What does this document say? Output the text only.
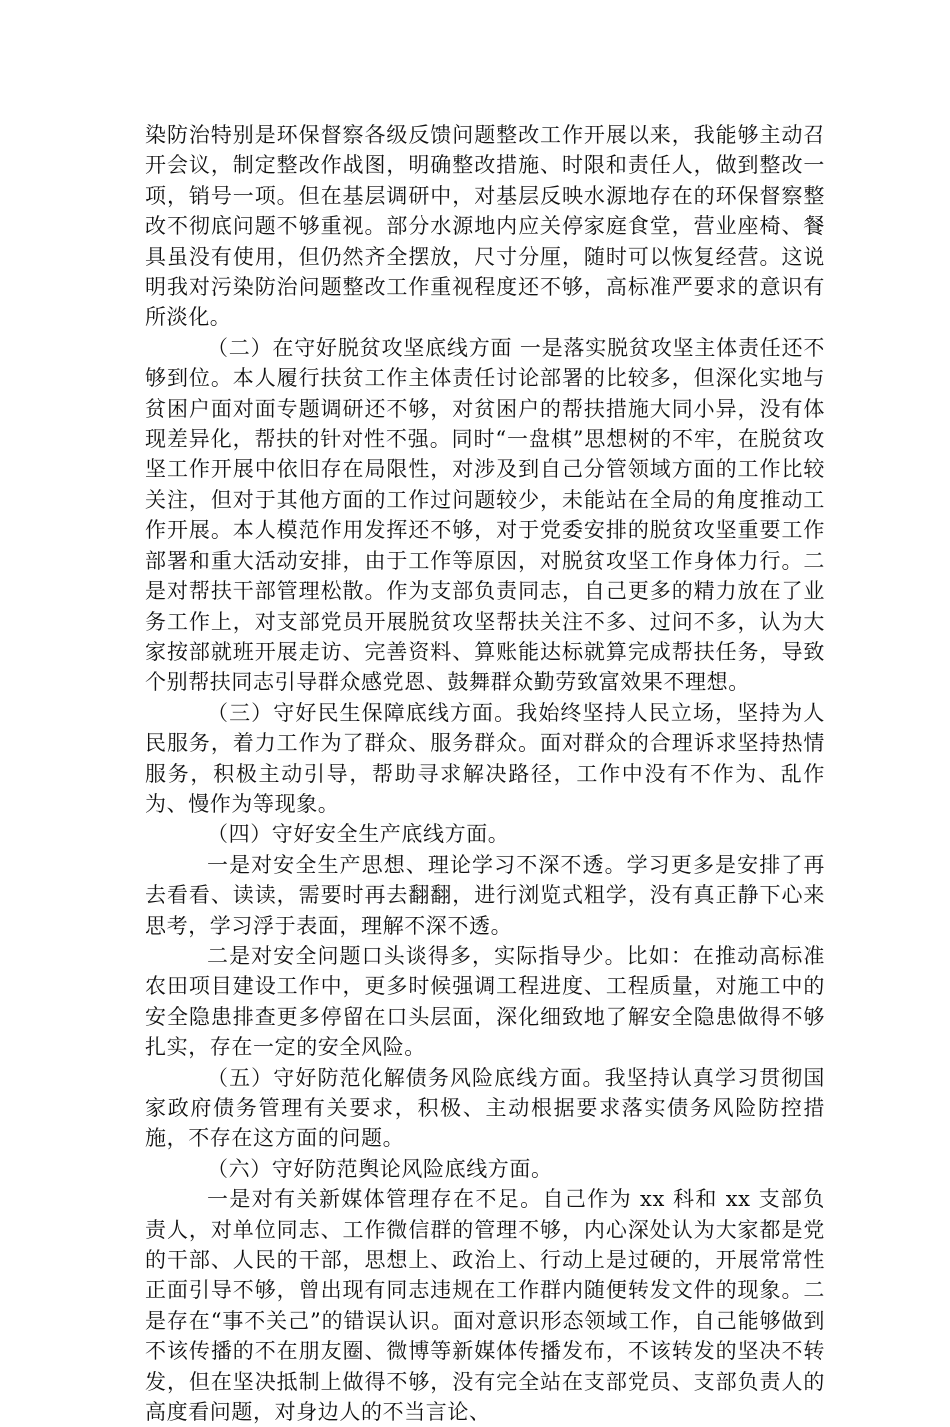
染防治特别是环保督察各级反馈问题整改工作开展以来，我能够主动召开会议，制定整改作战图，明确整改措施、时限和责任人，做到整改一项，销号一项。但在基层调研中，对基层反映水源地存在的环保督察整改不彻底问题不够重视。部分水源地内应关停家庭食堂，营业座椅、餐具虽没有使用，但仍然齐全摆放，尺寸分厘，随时可以恢复经营。这说明我对污染防治问题整改工作重视程度还不够，高标准严要求的意识有所淡化。

（二）在守好脱贫攻坚底线方面 一是落实脱贫攻坚主体责任还不够到位。本人履行扶贫工作主体责任讨论部署的比较多，但深化实地与贫困户面对面专题调研还不够，对贫困户的帮扶措施大同小异，没有体现差异化，帮扶的针对性不强。同时“一盘棋”思想树的不牢，在脱贫攻坚工作开展中依旧存在局限性，对涉及到自己分管领域方面的工作比较关注，但对于其他方面的工作过问题较少，未能站在全局的角度推动工作开展。本人模范作用发挥还不够，对于党委安排的脱贫攻坚重要工作部署和重大活动安排，由于工作等原因，对脱贫攻坚工作身体力行。二是对帮扶干部管理松散。作为支部负责同志，自己更多的精力放在了业务工作上，对支部党员开展脱贫攻坚帮扶关注不多、过问不多，认为大家按部就班开展走访、完善资料、算账能达标就算完成帮扶任务，导致个别帮扶同志引导群众感党恩、鼓舞群众勤劳致富效果不理想。

（三）守好民生保障底线方面。我始终坚持人民立场，坚持为人民服务，着力工作为了群众、服务群众。面对群众的合理诉求坚持热情服务，积极主动引导，帮助寻求解决路径，工作中没有不作为、乱作为、慢作为等现象。

（四）守好安全生产底线方面。

一是对安全生产思想、理论学习不深不透。学习更多是安排了再去看看、读读，需要时再去翻翻，进行浏览式粗学，没有真正静下心来思考，学习浮于表面，理解不深不透。

二是对安全问题口头谈得多，实际指导少。比如：在推动高标准农田项目建设工作中，更多时候强调工程进度、工程质量，对施工中的安全隐患排查更多停留在口头层面，深化细致地了解安全隐患做得不够扎实，存在一定的安全风险。

（五）守好防范化解债务风险底线方面。我坚持认真学习贯彻国家政府债务管理有关要求，积极、主动根据要求落实债务风险防控措施，不存在这方面的问题。

（六）守好防范舆论风险底线方面。

一是对有关新媒体管理存在不足。自己作为 xx 科和 xx 支部负责人，对单位同志、工作微信群的管理不够，内心深处认为大家都是党的干部、人民的干部，思想上、政治上、行动上是过硬的，开展常常性正面引导不够，曾出现有同志违规在工作群内随便转发文件的现象。二是存在“事不关己”的错误认识。面对意识形态领域工作，自己能够做到不该传播的不在朋友圈、微博等新媒体传播发布，不该转发的坚决不转发，但在坚决抵制上做得不够，没有完全站在支部党员、支部负责人的高度看问题，对身边人的不当言论、
